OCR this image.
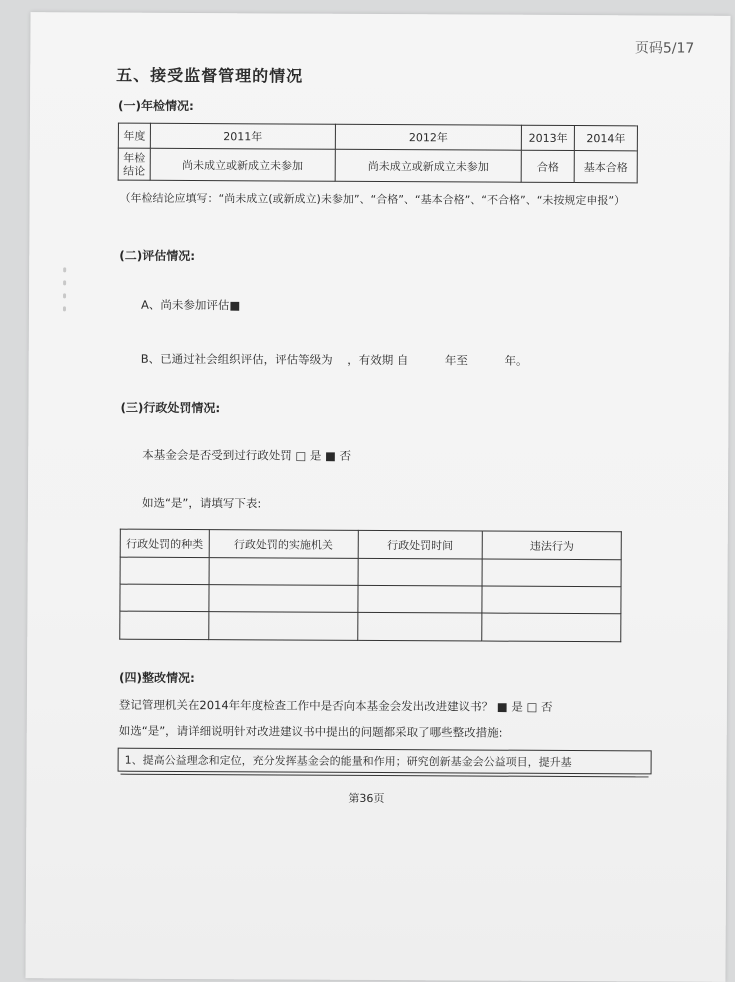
页码5/17
五、接受监督管理的情况
(一)年检情况:
年度	2011年	2012年	2013年	2014年
年检结论	尚未成立或新成立未参加	尚未成立或新成立未参加	合格	基本合格
（年检结论应填写：“尚未成立(或新成立)未参加”、“合格”、“基本合格”、“不合格”、“未按规定申报”）
(二)评估情况:
A、尚未参加评估■
B、已通过社会组织评估，评估等级为    ，有效期 自          年至          年。
(三)行政处罚情况:
本基金会是否受到过行政处罚 □ 是 ■ 否
如选“是”，请填写下表:
行政处罚的种类	行政处罚的实施机关	行政处罚时间	违法行为

(四)整改情况:
登记管理机关在2014年年度检查工作中是否向本基金会发出改进建议书？ ■ 是 □ 否
如选“是”，请详细说明针对改进建议书中提出的问题都采取了哪些整改措施:
1、提高公益理念和定位，充分发挥基金会的能量和作用；研究创新基金会公益项目，提升基
第36页
